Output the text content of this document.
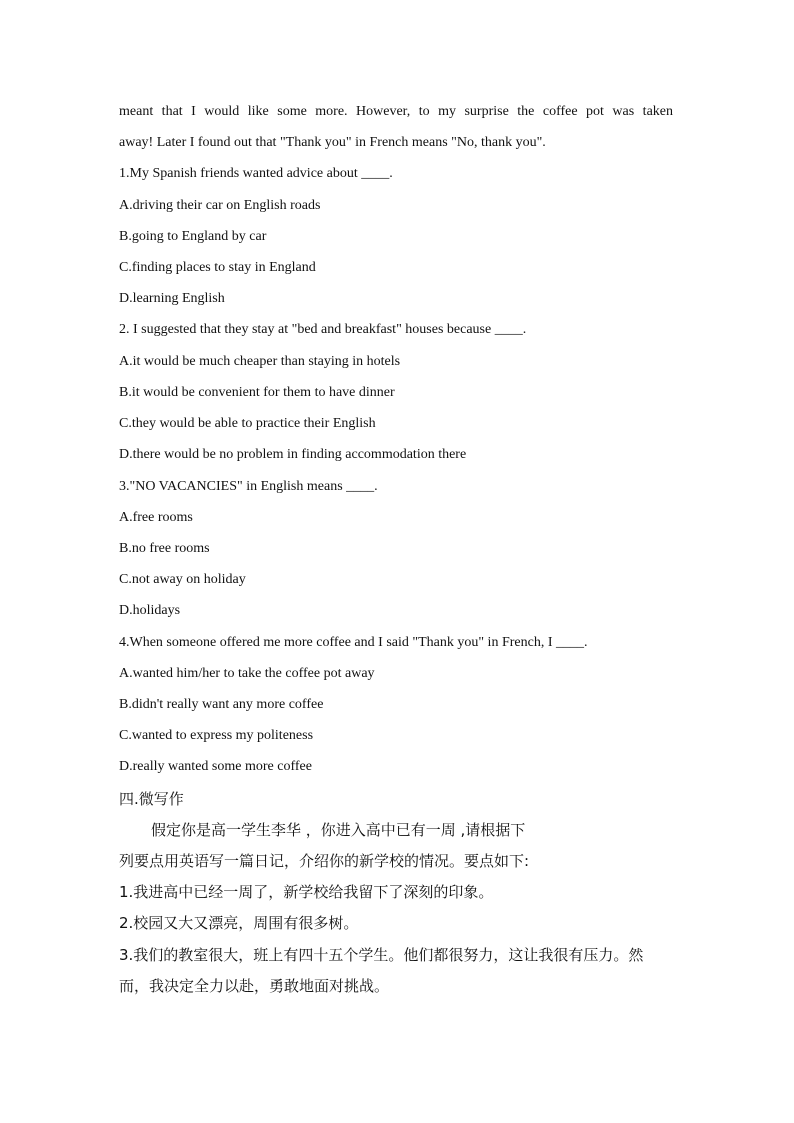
meant that I would like some more. However, to my surprise the coffee pot was taken
away! Later I found out that "Thank you" in French means "No, thank you".
1.My Spanish friends wanted advice about ____.
A.driving their car on English roads
B.going to England by car
C.finding places to stay in England
D.learning English
2. I suggested that they stay at "bed and breakfast" houses because ____.
A.it would be much cheaper than staying in hotels
B.it would be convenient for them to have dinner
C.they would be able to practice their English
D.there would be no problem in finding accommodation there
3."NO VACANCIES" in English means ____.
A.free rooms
B.no free rooms
C.not away on holiday
D.holidays
4.When someone offered me more coffee and I said "Thank you" in French, I ____.
A.wanted him/her to take the coffee pot away
B.didn't really want any more coffee
C.wanted to express my politeness
D.really wanted some more coffee
四.微写作
假定你是高一学生李华 ，你进入高中已有一周 ,请根据下
列要点用英语写一篇日记，介绍你的新学校的情况。要点如下:
1.我进高中已经一周了，新学校给我留下了深刻的印象。
2.校园又大又漂亮，周围有很多树。
3.我们的教室很大，班上有四十五个学生。他们都很努力，这让我很有压力。然
而，我决定全力以赴，勇敢地面对挑战。
